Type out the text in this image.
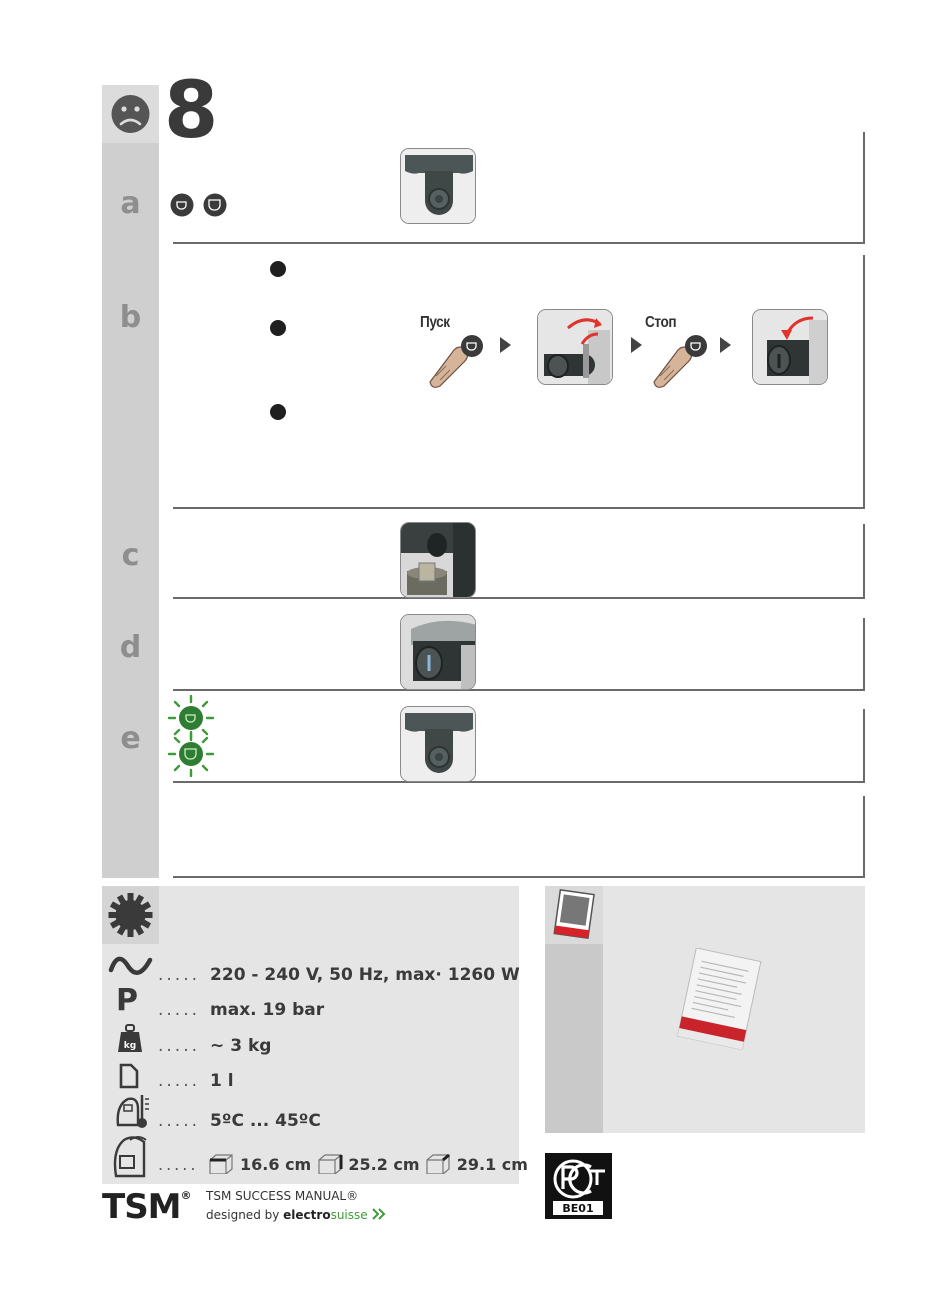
8
a
b
c
d
e
Пуск	Стоп
P
kg
..... 220 - 240 V, 50 Hz, max· 1260 W
..... max. 19 bar
..... ~ 3 kg
..... 1 l
..... 5ºC ... 45ºC
.....	16.6 cm 25.2 cm 29.1 cm
TSM® TSM SUCCESS MANUAL®
designed by electrosuisse	BE01
